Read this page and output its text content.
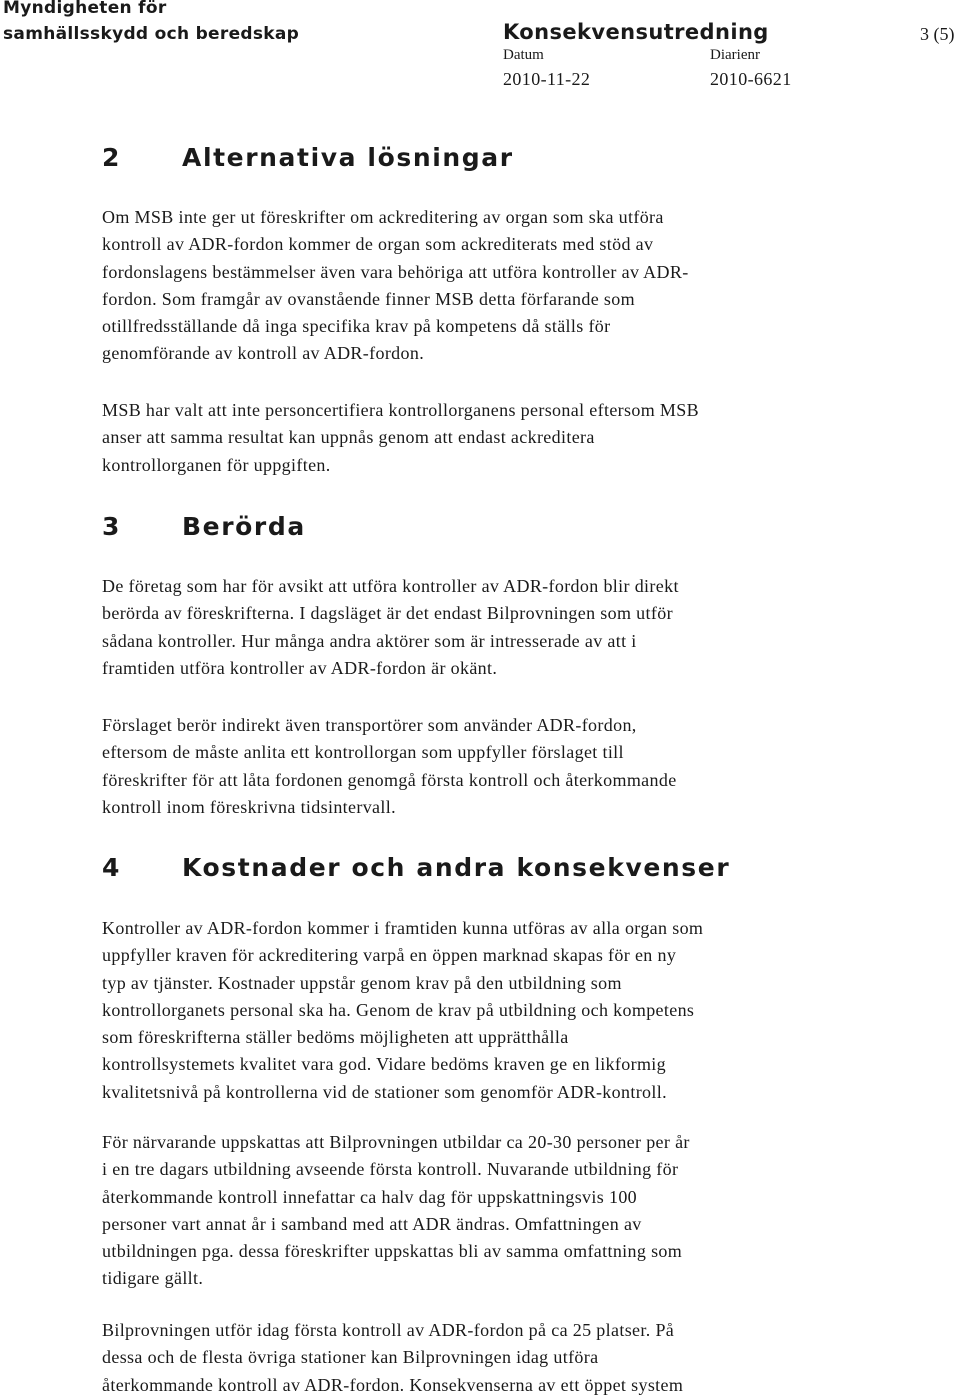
Myndigheten för
samhällsskydd och beredskap	Konsekvensutredning	3 (5)
Datum	Diarienr
2010-11-22	2010-6621
2 Alternativa lösningar
Om MSB inte ger ut föreskrifter om ackreditering av organ som ska utföra
kontroll av ADR-fordon kommer de organ som ackrediterats med stöd av
fordonslagens bestämmelser även vara behöriga att utföra kontroller av ADR-
fordon. Som framgår av ovanstående finner MSB detta förfarande som
otillfredsställande då inga specifika krav på kompetens då ställs för
genomförande av kontroll av ADR-fordon.
MSB har valt att inte personcertifiera kontrollorganens personal eftersom MSB
anser att samma resultat kan uppnås genom att endast ackreditera
kontrollorganen för uppgiften.
3 Berörda
De företag som har för avsikt att utföra kontroller av ADR-fordon blir direkt
berörda av föreskrifterna. I dagsläget är det endast Bilprovningen som utför
sådana kontroller. Hur många andra aktörer som är intresserade av att i
framtiden utföra kontroller av ADR-fordon är okänt.
Förslaget berör indirekt även transportörer som använder ADR-fordon,
eftersom de måste anlita ett kontrollorgan som uppfyller förslaget till
föreskrifter för att låta fordonen genomgå första kontroll och återkommande
kontroll inom föreskrivna tidsintervall.
4 Kostnader och andra konsekvenser
Kontroller av ADR-fordon kommer i framtiden kunna utföras av alla organ som
uppfyller kraven för ackreditering varpå en öppen marknad skapas för en ny
typ av tjänster. Kostnader uppstår genom krav på den utbildning som
kontrollorganets personal ska ha. Genom de krav på utbildning och kompetens
som föreskrifterna ställer bedöms möjligheten att upprätthålla
kontrollsystemets kvalitet vara god. Vidare bedöms kraven ge en likformig
kvalitetsnivå på kontrollerna vid de stationer som genomför ADR-kontroll.
För närvarande uppskattas att Bilprovningen utbildar ca 20-30 personer per år
i en tre dagars utbildning avseende första kontroll. Nuvarande utbildning för
återkommande kontroll innefattar ca halv dag för uppskattningsvis 100
personer vart annat år i samband med att ADR ändras. Omfattningen av
utbildningen pga. dessa föreskrifter uppskattas bli av samma omfattning som
tidigare gällt.
Bilprovningen utför idag första kontroll av ADR-fordon på ca 25 platser. På
dessa och de flesta övriga stationer kan Bilprovningen idag utföra
återkommande kontroll av ADR-fordon. Konsekvenserna av ett öppet system
